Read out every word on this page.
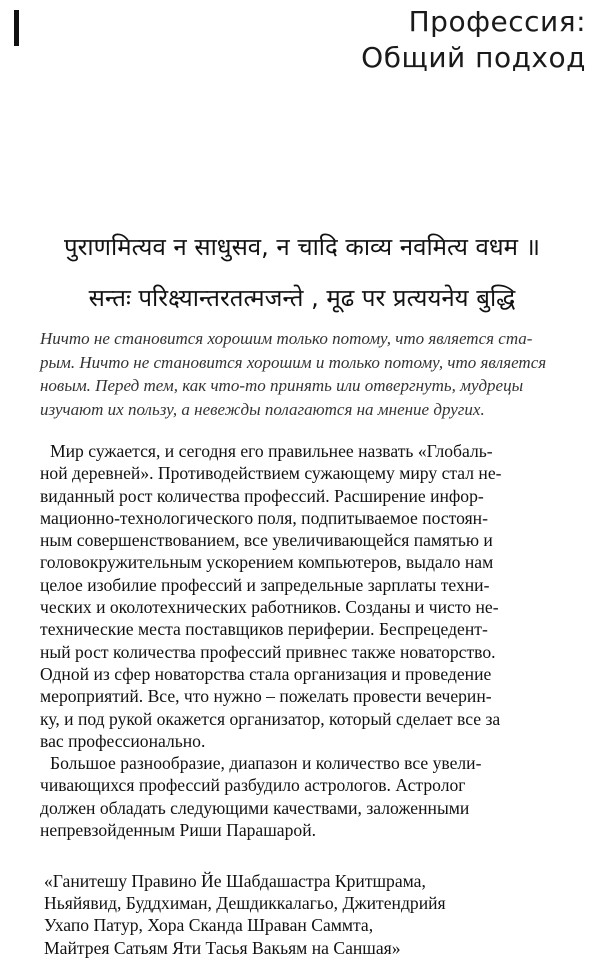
Профессия:
Общий подход
पुराणमित्यव न साधुसव, न चादि काव्य नवमित्य वधम ॥
सन्तः परिक्ष्यान्तरतत्मजन्ते , मूढ पर प्रत्ययनेय बुद्धि
Ничто не становится хорошим только потому, что является ста-
рым. Ничто не становится хорошим и только потому, что является
новым. Перед тем, как что-то принять или отвергнуть, мудрецы
изучают их пользу, а невежды полагаются на мнение других.
Мир сужается, и сегодня его правильнее назвать «Глобаль-
ной деревней». Противодействием сужающему миру стал не-
виданный рост количества профессий. Расширение инфор-
мационно-технологического поля, подпитываемое постоян-
ным совершенствованием, все увеличивающейся памятью и
головокружительным ускорением компьютеров, выдало нам
целое изобилие профессий и запредельные зарплаты техни-
ческих и околотехнических работников. Созданы и чисто не-
технические места поставщиков периферии. Беспрецедент-
ный рост количества профессий привнес также новаторство.
Одной из сфер новаторства стала организация и проведение
мероприятий. Все, что нужно – пожелать провести вечерин-
ку, и под рукой окажется организатор, который сделает все за
вас профессионально.
Большое разнообразие, диапазон и количество все увели-
чивающихся профессий разбудило астрологов. Астролог
должен обладать следующими качествами, заложенными
непревзойденным Риши Парашарой.
«Ганитешу Правино Йе Шабдашастра Критшрама,
Ньяйявид, Буддхиман, Дешдиккалагьо, Джитендрийя
Ухапо Патур, Хора Сканда Шраван Саммта,
Майтрея Сатьям Яти Тасья Вакьям на Саншая»
